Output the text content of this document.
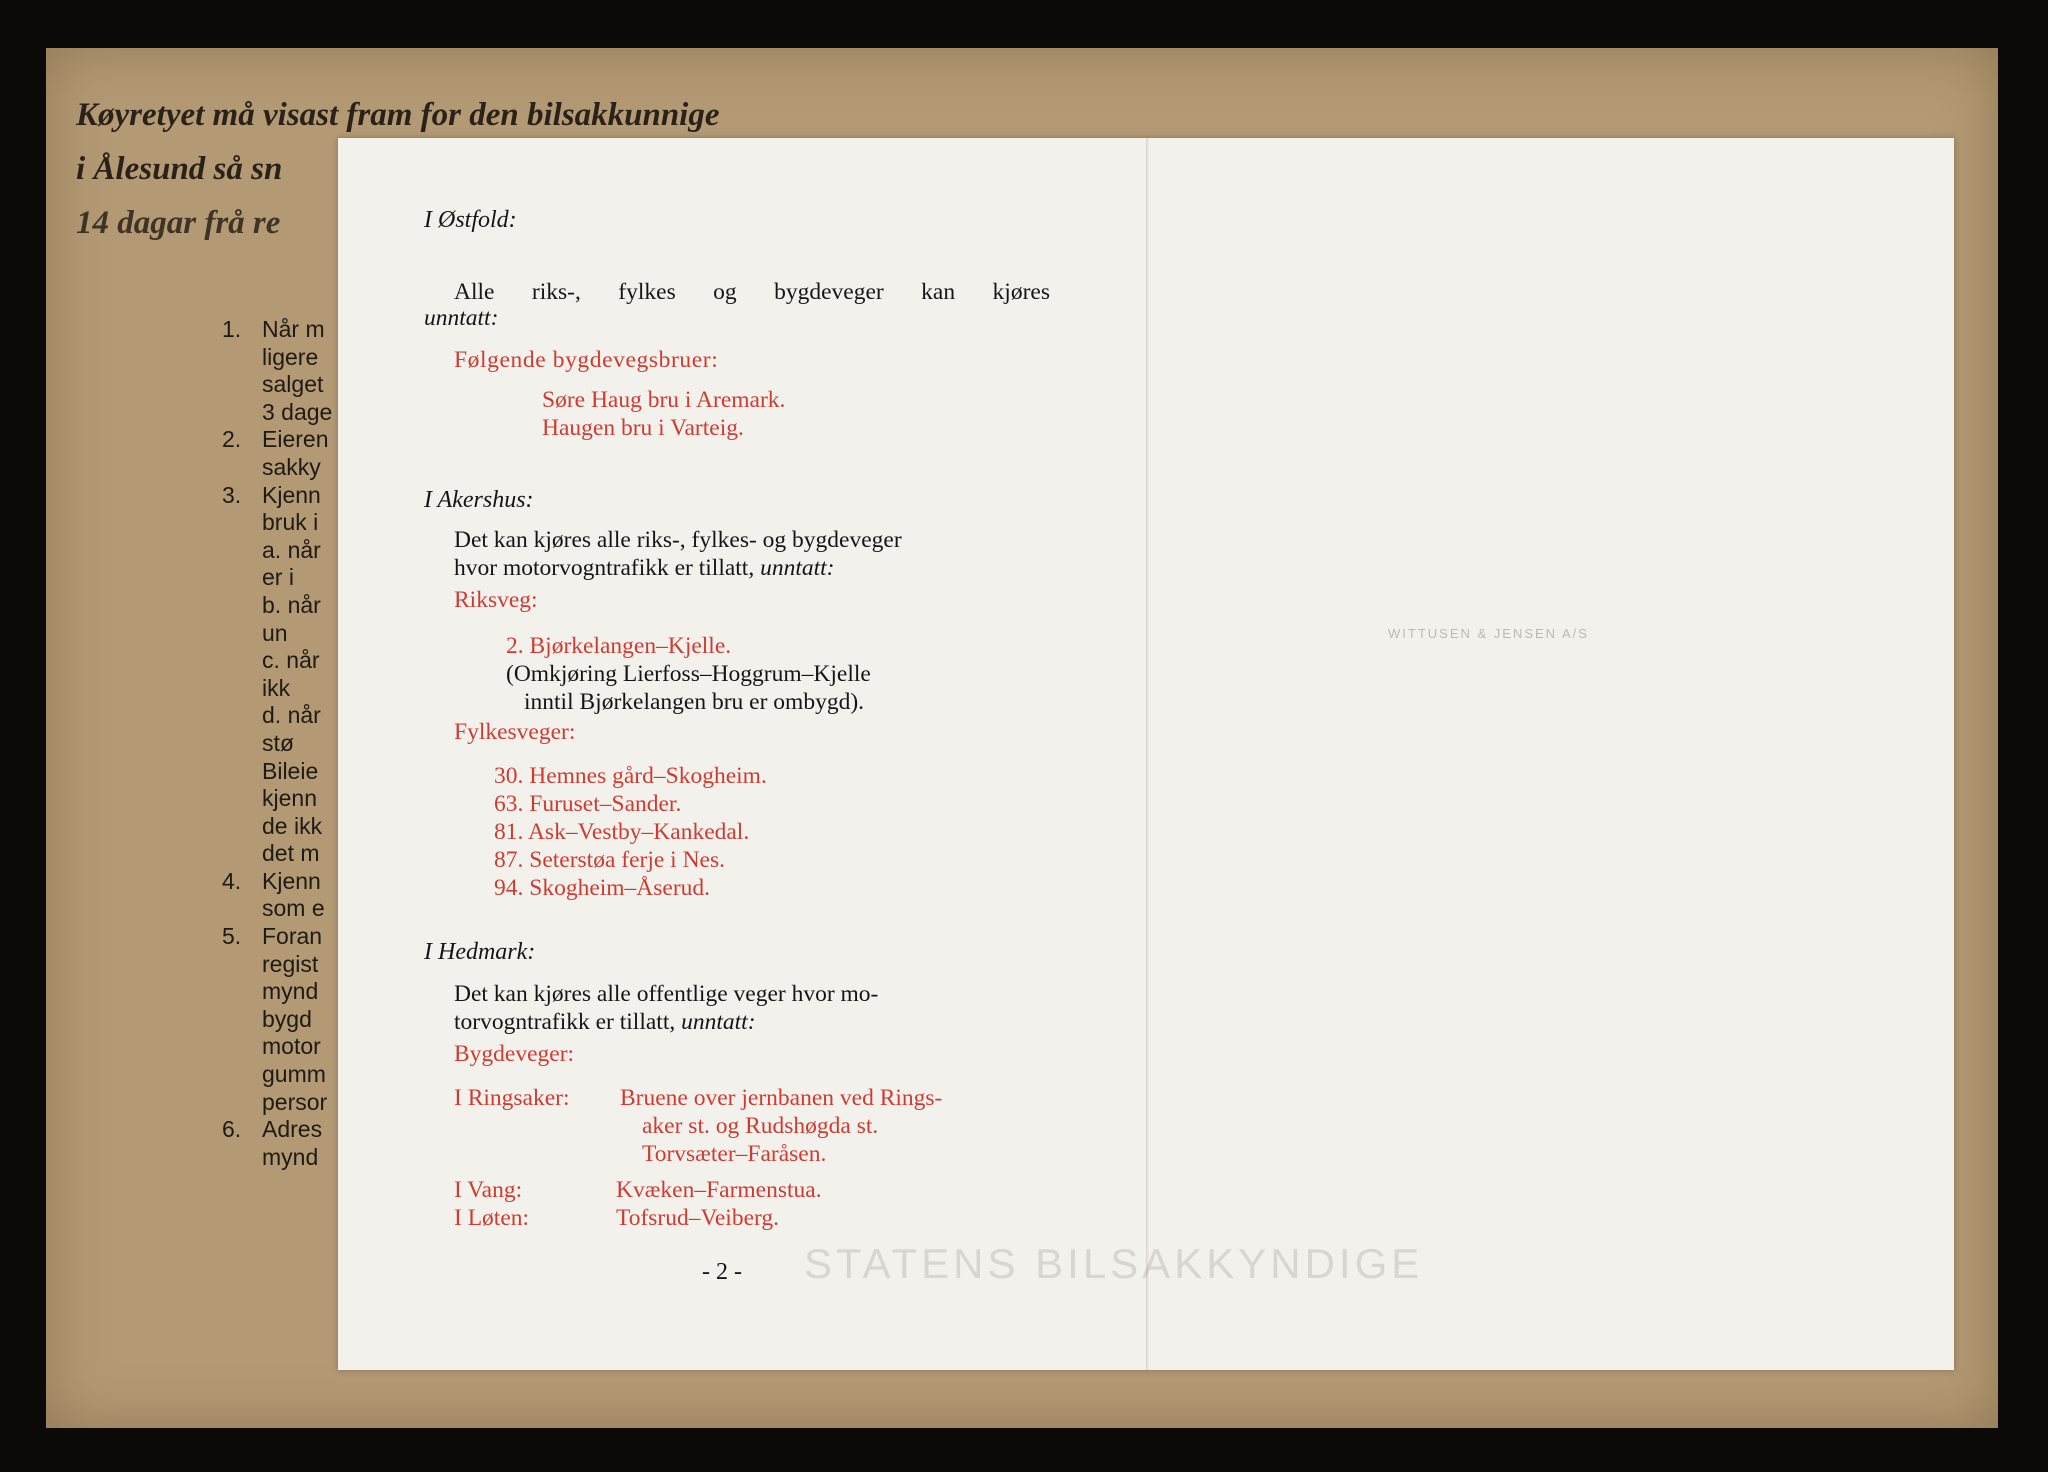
Køyretyet må visast fram for den bilsakkunnige
i Ålesund så sn
14 dagar frå re
1. Når m
ligere
salget
3 dage
2. Eieren
sakky
3. Kjenn
bruk i
a. når
er i
b. når
un
c. når
ikk
d. når
stø
Bileie
kjenn
de ikk
det m
4. Kjenn
som e
5. Foran
regist
mynd
bygd
motor
gumm
persor
6. Adres
mynd
STATENS BILSAKKYNDIGE
WITTUSEN & JENSEN A/S
I Østfold:
Alle riks-, fylkes og bygdeveger kan kjøres
unntatt:
Følgende bygdevegsbruer:
Søre Haug bru i Aremark.
Haugen bru i Varteig.
I Akershus:
Det kan kjøres alle riks-, fylkes- og bygdeveger
hvor motorvogntrafikk er tillatt, unntatt:
Riksveg:
2. Bjørkelangen–Kjelle.
(Omkjøring Lierfoss–Hoggrum–Kjelle
inntil Bjørkelangen bru er ombygd).
Fylkesveger:
30. Hemnes gård–Skogheim.
63. Furuset–Sander.
81. Ask–Vestby–Kankedal.
87. Seterstøa ferje i Nes.
94. Skogheim–Åserud.
I Hedmark:
Det kan kjøres alle offentlige veger hvor mo-
torvogntrafikk er tillatt, unntatt:
Bygdeveger:
I Ringsaker: Bruene over jernbanen ved Rings-
aker st. og Rudshøgda st.
Torvsæter–Faråsen.
I Vang:	Kvæken–Farmenstua.
I Løten:	Tofsrud–Veiberg.
- 2 -
